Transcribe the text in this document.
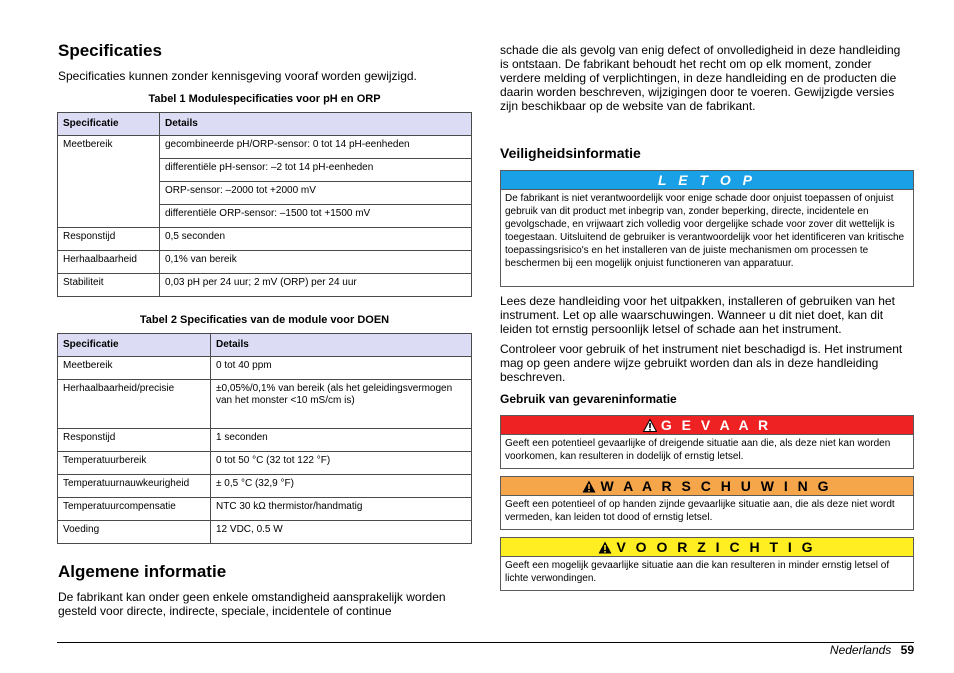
Specificaties
Specificaties kunnen zonder kennisgeving vooraf worden gewijzigd.
Tabel 1 Modulespecificaties voor pH en ORP
Specificatie	Details
Meetbereik	gecombineerde pH/ORP-sensor: 0 tot 14 pH-eenheden
	differentiële pH-sensor: –2 tot 14 pH-eenheden
	ORP-sensor: –2000 tot +2000 mV
	differentiële ORP-sensor: –1500 tot +1500 mV
Responstijd	0,5 seconden
Herhaalbaarheid	0,1% van bereik
Stabiliteit	0,03 pH per 24 uur; 2 mV (ORP) per 24 uur
Tabel 2 Specificaties van de module voor DOEN
Specificatie	Details
Meetbereik	0 tot 40 ppm
Herhaalbaarheid/precisie	±0,05%/0,1% van bereik (als het geleidingsvermogen van het monster <10 mS/cm is)
Responstijd	1 seconden
Temperatuurbereik	0 tot 50 °C (32 tot 122 °F)
Temperatuurnauwkeurigheid	± 0,5 °C (32,9 °F)
Temperatuurcompensatie	NTC 30 kΩ thermistor/handmatig
Voeding	12 VDC, 0.5 W
Algemene informatie
De fabrikant kan onder geen enkele omstandigheid aansprakelijk worden gesteld voor directe, indirecte, speciale, incidentele of continue
schade die als gevolg van enig defect of onvolledigheid in deze handleiding is ontstaan. De fabrikant behoudt het recht om op elk moment, zonder verdere melding of verplichtingen, in deze handleiding en de producten die daarin worden beschreven, wijzigingen door te voeren. Gewijzigde versies zijn beschikbaar op de website van de fabrikant.
Veiligheidsinformatie
L E T O P
De fabrikant is niet verantwoordelijk voor enige schade door onjuist toepassen of onjuist gebruik van dit product met inbegrip van, zonder beperking, directe, incidentele en gevolgschade, en vrijwaart zich volledig voor dergelijke schade voor zover dit wettelijk is toegestaan. Uitsluitend de gebruiker is verantwoordelijk voor het identificeren van kritische toepassingsrisico's en het installeren van de juiste mechanismen om processen te beschermen bij een mogelijk onjuist functioneren van apparatuur.
Lees deze handleiding voor het uitpakken, installeren of gebruiken van het instrument. Let op alle waarschuwingen. Wanneer u dit niet doet, kan dit leiden tot ernstig persoonlijk letsel of schade aan het instrument.
Controleer voor gebruik of het instrument niet beschadigd is. Het instrument mag op geen andere wijze gebruikt worden dan als in deze handleiding beschreven.
Gebruik van gevareninformatie
G E V A A R
Geeft een potentieel gevaarlijke of dreigende situatie aan die, als deze niet kan worden voorkomen, kan resulteren in dodelijk of ernstig letsel.
W A A R S C H U W I N G
Geeft een potentieel of op handen zijnde gevaarlijke situatie aan, die als deze niet wordt vermeden, kan leiden tot dood of ernstig letsel.
V O O R Z I C H T I G
Geeft een mogelijk gevaarlijke situatie aan die kan resulteren in minder ernstig letsel of lichte verwondingen.
Nederlands 59
